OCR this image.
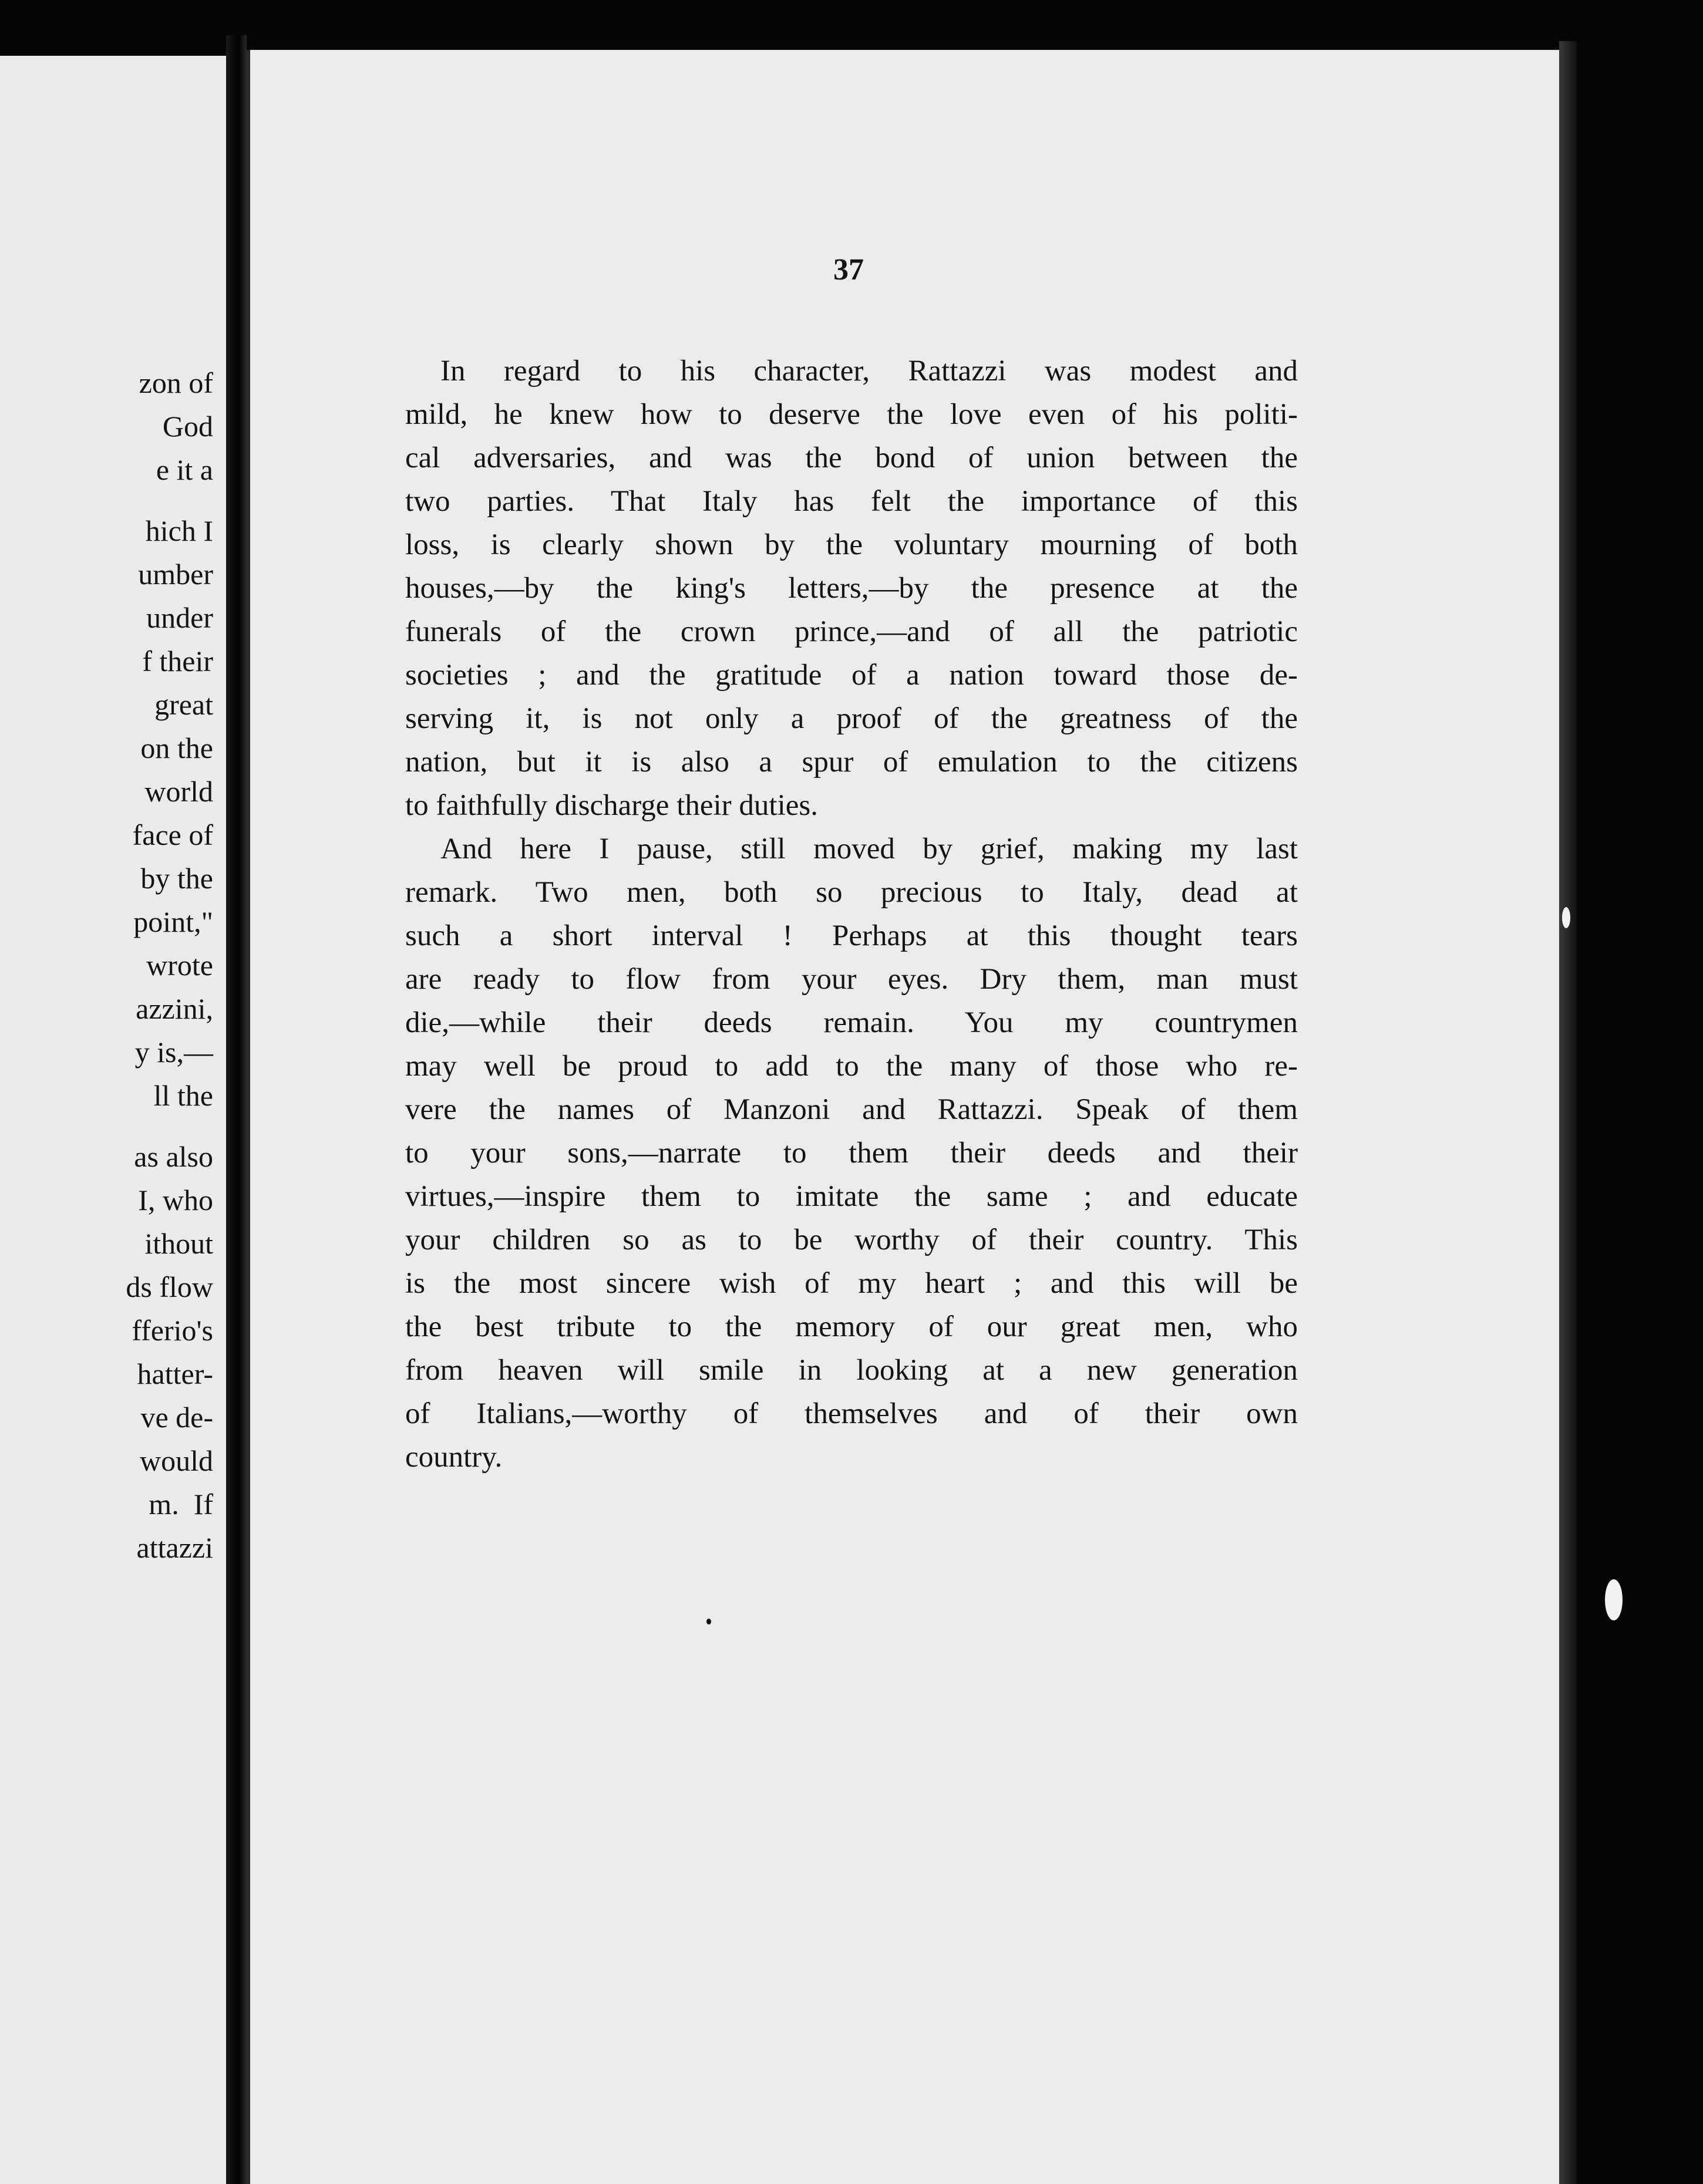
zon of
God
e it a
hich I
umber
under
f their
great
on the
world
face of
by the
point,"
wrote
azzini,
y is,—
ll the
as also
I, who
ithout
ds flow
fferio's
hatter-
ve de-
would
m.  If
attazzi
37
In regard to his character, Rattazzi was modest and
mild, he knew how to deserve the love even of his politi-
cal adversaries, and was the bond of union between the
two parties. That Italy has felt the importance of this
loss, is clearly shown by the voluntary mourning of both
houses,—by the king's letters,—by the presence at the
funerals of the crown prince,—and of all the patriotic
societies ; and the gratitude of a nation toward those de-
serving it, is not only a proof of the greatness of the
nation, but it is also a spur of emulation to the citizens
to faithfully discharge their duties.
And here I pause, still moved by grief, making my last
remark. Two men, both so precious to Italy, dead at
such a short interval ! Perhaps at this thought tears
are ready to flow from your eyes. Dry them, man must
die,—while their deeds remain. You my countrymen
may well be proud to add to the many of those who re-
vere the names of Manzoni and Rattazzi. Speak of them
to your sons,—narrate to them their deeds and their
virtues,—inspire them to imitate the same ; and educate
your children so as to be worthy of their country. This
is the most sincere wish of my heart ; and this will be
the best tribute to the memory of our great men, who
from heaven will smile in looking at a new generation
of Italians,—worthy of themselves and of their own
country.
